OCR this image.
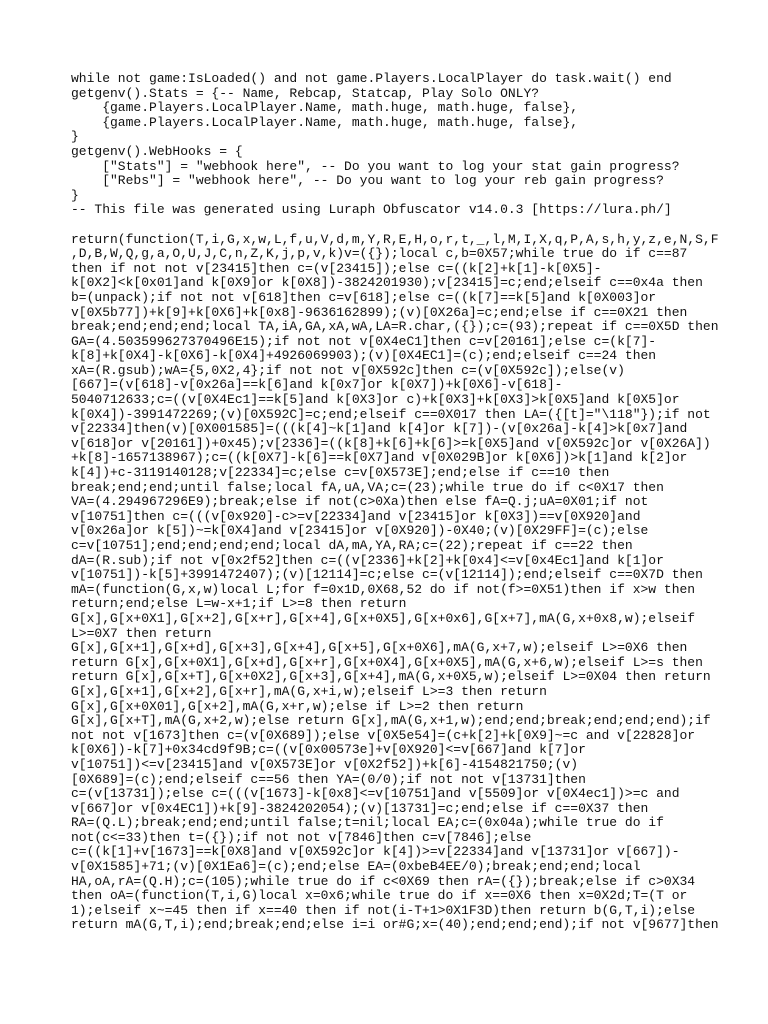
while not game:IsLoaded() and not game.Players.LocalPlayer do task.wait() end
getgenv().Stats = {-- Name, Rebcap, Statcap, Play Solo ONLY?
{game.Players.LocalPlayer.Name, math.huge, math.huge, false},
{game.Players.LocalPlayer.Name, math.huge, math.huge, false},
}
getgenv().WebHooks = {
["Stats"] = "webhook here", -- Do you want to log your stat gain progress?
["Rebs"] = "webhook here", -- Do you want to log your reb gain progress?
}
-- This file was generated using Luraph Obfuscator v14.0.3 [https://lura.ph/]
return(function(T,i,G,x,w,L,f,u,V,d,m,Y,R,E,H,o,r,t,_,l,M,I,X,q,P,A,s,h,y,z,e,N,S,F
,D,B,W,Q,g,a,O,U,J,C,n,Z,K,j,p,v,k)v=({});local c,b=0X57;while true do if c==87
then if not not v[23415]then c=(v[23415]);else c=((k[2]+k[1]-k[0X5]-
k[0X2]<k[0x01]and k[0X9]or k[0X8])-3824201930);v[23415]=c;end;elseif c==0x4a then
b=(unpack);if not not v[618]then c=v[618];else c=((k[7]==k[5]and k[0X003]or
v[0X5b77])+k[9]+k[0X6]+k[0x8]-9636162899);(v)[0X26a]=c;end;else if c==0X21 then
break;end;end;end;local TA,iA,GA,xA,wA,LA=R.char,({});c=(93);repeat if c==0X5D then
GA=(4.503599627370496E15);if not not v[0X4eC1]then c=v[20161];else c=(k[7]-
k[8]+k[0X4]-k[0X6]-k[0X4]+4926069903);(v)[0X4EC1]=(c);end;elseif c==24 then
xA=(R.gsub);wA={5,0X2,4};if not not v[0X592c]then c=(v[0X592c]);else(v)
[667]=(v[618]-v[0x26a]==k[6]and k[0x7]or k[0X7])+k[0X6]-v[618]-
5040712633;c=((v[0X4Ec1]==k[5]and k[0X3]or c)+k[0X3]+k[0X3]>k[0X5]and k[0X5]or
k[0X4])-3991472269;(v)[0X592C]=c;end;elseif c==0X017 then LA=({[t]="\118"});if not
v[22334]then(v)[0X001585]=(((k[4]~k[1]and k[4]or k[7])-(v[0x26a]-k[4]>k[0x7]and
v[618]or v[20161])+0x45);v[2336]=((k[8]+k[6]+k[6]>=k[0X5]and v[0X592c]or v[0X26A])
+k[8]-1657138967);c=((k[0X7]-k[6]==k[0X7]and v[0X029B]or k[0X6])>k[1]and k[2]or
k[4])+c-3119140128;v[22334]=c;else c=v[0X573E];end;else if c==10 then
break;end;end;until false;local fA,uA,VA;c=(23);while true do if c<0X17 then
VA=(4.294967296E9);break;else if not(c>0Xa)then else fA=Q.j;uA=0X01;if not
v[10751]then c=(((v[0x920]-c>=v[22334]and v[23415]or k[0X3])==v[0X920]and
v[0x26a]or k[5])~=k[0X4]and v[23415]or v[0X920])-0X40;(v)[0X29FF]=(c);else
c=v[10751];end;end;end;end;local dA,mA,YA,RA;c=(22);repeat if c==22 then
dA=(R.sub);if not v[0x2f52]then c=((v[2336]+k[2]+k[0x4]<=v[0x4Ec1]and k[1]or
v[10751])-k[5]+3991472407);(v)[12114]=c;else c=(v[12114]);end;elseif c==0X7D then
mA=(function(G,x,w)local L;for f=0x1D,0X68,52 do if not(f>=0X51)then if x>w then
return;end;else L=w-x+1;if L>=8 then return
G[x],G[x+0X1],G[x+2],G[x+r],G[x+4],G[x+0X5],G[x+0x6],G[x+7],mA(G,x+0x8,w);elseif
L>=0X7 then return
G[x],G[x+1],G[x+d],G[x+3],G[x+4],G[x+5],G[x+0X6],mA(G,x+7,w);elseif L>=0X6 then
return G[x],G[x+0X1],G[x+d],G[x+r],G[x+0X4],G[x+0X5],mA(G,x+6,w);elseif L>=s then
return G[x],G[x+T],G[x+0X2],G[x+3],G[x+4],mA(G,x+0X5,w);elseif L>=0X04 then return
G[x],G[x+1],G[x+2],G[x+r],mA(G,x+i,w);elseif L>=3 then return
G[x],G[x+0X01],G[x+2],mA(G,x+r,w);else if L>=2 then return
G[x],G[x+T],mA(G,x+2,w);else return G[x],mA(G,x+1,w);end;end;break;end;end;end);if
not not v[1673]then c=(v[0X689]);else v[0X5e54]=(c+k[2]+k[0X9]~=c and v[22828]or
k[0X6])-k[7]+0x34cd9f9B;c=((v[0x00573e]+v[0X920]<=v[667]and k[7]or
v[10751])<=v[23415]and v[0X573E]or v[0X2f52])+k[6]-4154821750;(v)
[0X689]=(c);end;elseif c==56 then YA=(0/0);if not not v[13731]then
c=(v[13731]);else c=(((v[1673]-k[0x8]<=v[10751]and v[5509]or v[0X4ec1])>=c and
v[667]or v[0x4EC1])+k[9]-3824202054);(v)[13731]=c;end;else if c==0X37 then
RA=(Q.L);break;end;end;until false;t=nil;local EA;c=(0x04a);while true do if
not(c<=33)then t=({});if not not v[7846]then c=v[7846];else
c=((k[1]+v[1673]==k[0X8]and v[0X592c]or k[4])>=v[22334]and v[13731]or v[667])-
v[0X1585]+71;(v)[0X1Ea6]=(c);end;else EA=(0xbeB4EE/0);break;end;end;local
HA,oA,rA=(Q.H);c=(105);while true do if c<0X69 then rA=({});break;else if c>0X34
then oA=(function(T,i,G)local x=0x6;while true do if x==0X6 then x=0X2d;T=(T or
1);elseif x~=45 then if x==40 then if not(i-T+1>0X1F3D)then return b(G,T,i);else
return mA(G,T,i);end;break;end;else i=i or#G;x=(40);end;end;end);if not v[9677]then
